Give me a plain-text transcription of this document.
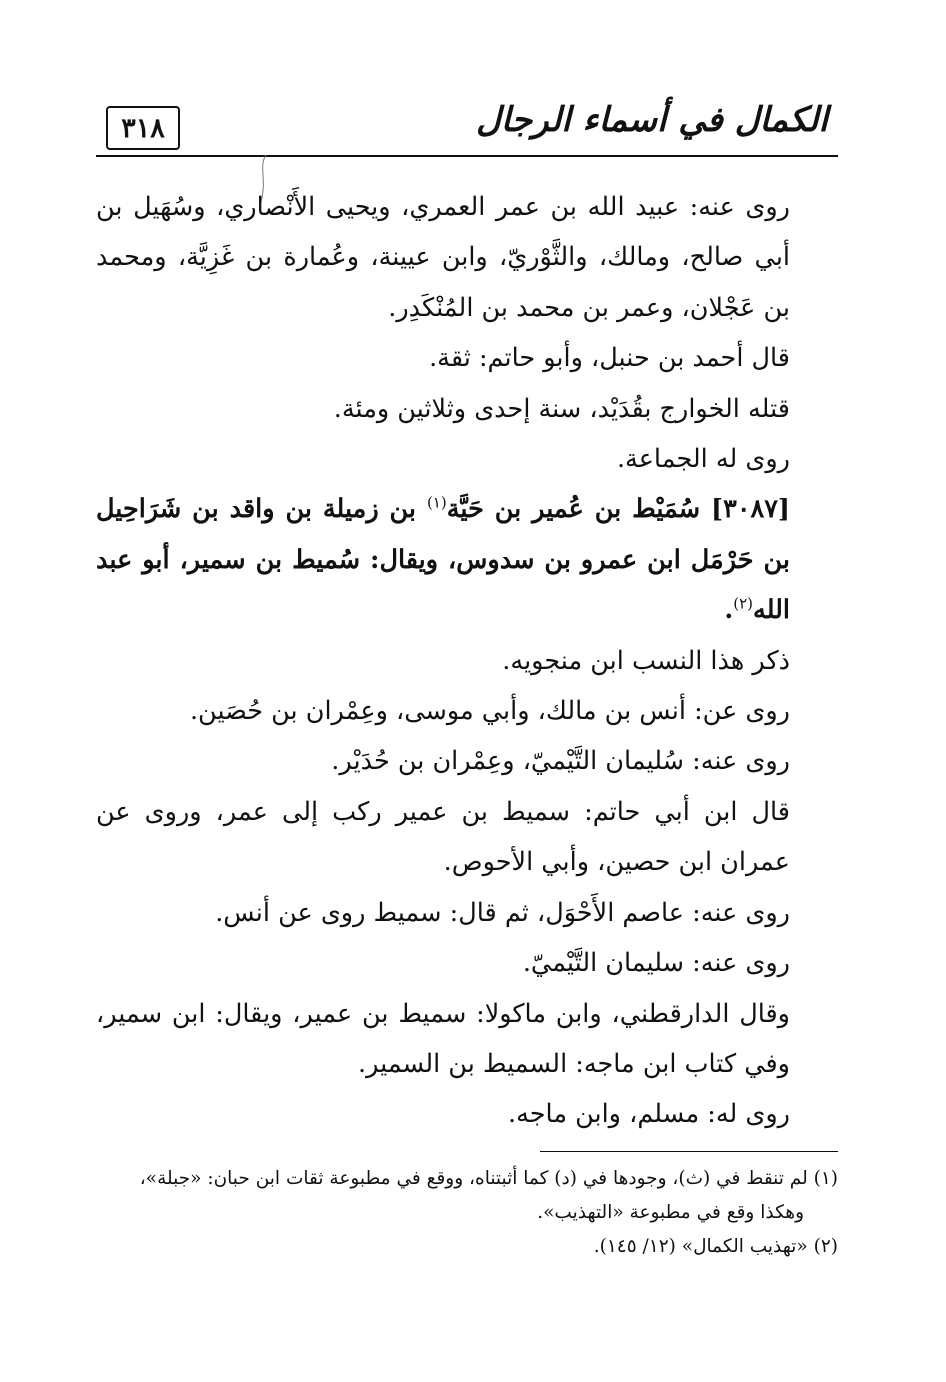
٣١٨	الكمال في أسماء الرجال

روى عنه: عبيد الله بن عمر العمري، ويحيى الأَنْصاري، وسُهَيل بن أبي صالح، ومالك، والثَّوْريّ، وابن عيينة، وعُمارة بن غَزِيَّة، ومحمد بن عَجْلان، وعمر بن محمد بن المُنْكَدِر.

قال أحمد بن حنبل، وأبو حاتم: ثقة.

قتله الخوارج بقُدَيْد، سنة إحدى وثلاثين ومئة.

روى له الجماعة.

[٣٠٨٧] سُمَيْط بن عُمير بن حَيَّة$^{(١)}$ بن زميلة بن واقد بن شَرَاحِيل بن حَرْمَل ابن عمرو بن سدوس، ويقال: سُميط بن سمير، أبو عبد الله$^{(٢)}$.

ذكر هذا النسب ابن منجويه.

روى عن: أنس بن مالك، وأبي موسى، وعِمْران بن حُصَين.

روى عنه: سُليمان التَّيْميّ، وعِمْران بن حُدَيْر.

قال ابن أبي حاتم: سميط بن عمير ركب إلى عمر، وروى عن عمران ابن حصين، وأبي الأحوص.

روى عنه: عاصم الأَحْوَل، ثم قال: سميط روى عن أنس.

روى عنه: سليمان التَّيْميّ.

وقال الدارقطني، وابن ماكولا: سميط بن عمير، ويقال: ابن سمير، وفي كتاب ابن ماجه: السميط بن السمير.

روى له: مسلم، وابن ماجه.

(١) لم تنقط في (ث)، وجودها في (د) كما أثبتناه، ووقع في مطبوعة ثقات ابن حبان: «جبلة»،

وهكذا وقع في مطبوعة «التهذيب».

(٢) «تهذيب الكمال» (١٢/ ١٤٥).
